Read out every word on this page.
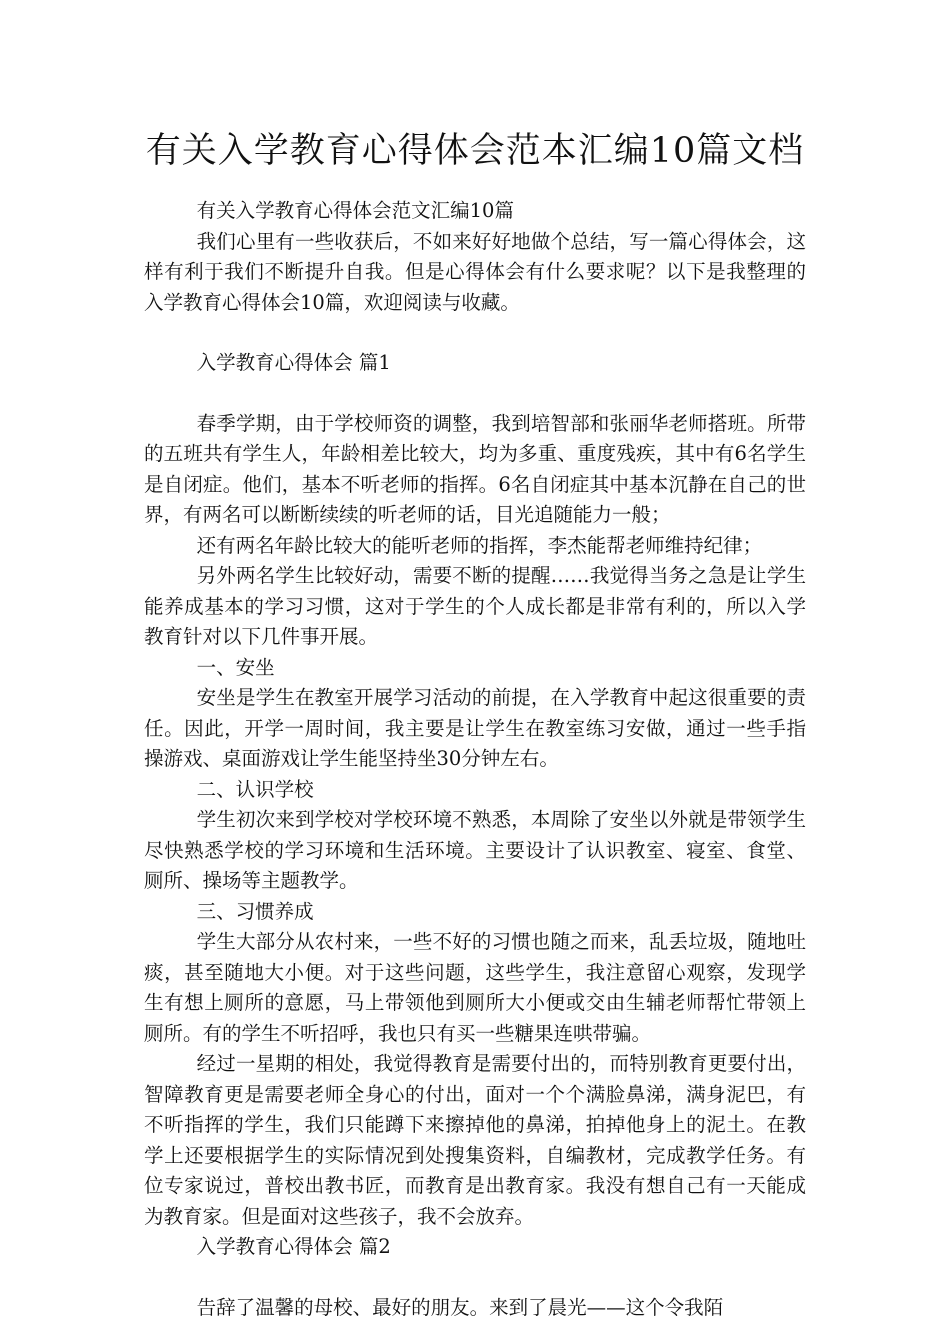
有关入学教育心得体会范本汇编10篇文档

有关入学教育心得体会范文汇编10篇

我们心里有一些收获后，不如来好好地做个总结，写一篇心得体会，这样有利于我们不断提升自我。但是心得体会有什么要求呢？以下是我整理的入学教育心得体会10篇，欢迎阅读与收藏。

入学教育心得体会 篇1

春季学期，由于学校师资的调整，我到培智部和张丽华老师搭班。所带的五班共有学生人，年龄相差比较大，均为多重、重度残疾，其中有6名学生是自闭症。他们，基本不听老师的指挥。6名自闭症其中基本沉静在自己的世界，有两名可以断断续续的听老师的话，目光追随能力一般；

还有两名年龄比较大的能听老师的指挥，李杰能帮老师维持纪律；

另外两名学生比较好动，需要不断的提醒……我觉得当务之急是让学生能养成基本的学习习惯，这对于学生的个人成长都是非常有利的，所以入学教育针对以下几件事开展。

一、安坐

安坐是学生在教室开展学习活动的前提，在入学教育中起这很重要的责任。因此，开学一周时间，我主要是让学生在教室练习安做，通过一些手指操游戏、桌面游戏让学生能坚持坐30分钟左右。

二、认识学校

学生初次来到学校对学校环境不熟悉，本周除了安坐以外就是带领学生尽快熟悉学校的学习环境和生活环境。主要设计了认识教室、寝室、食堂、厕所、操场等主题教学。

三、习惯养成

学生大部分从农村来，一些不好的习惯也随之而来，乱丢垃圾，随地吐痰，甚至随地大小便。对于这些问题，这些学生，我注意留心观察，发现学生有想上厕所的意愿，马上带领他到厕所大小便或交由生辅老师帮忙带领上厕所。有的学生不听招呼，我也只有买一些糖果连哄带骗。

经过一星期的相处，我觉得教育是需要付出的，而特别教育更要付出，智障教育更是需要老师全身心的付出，面对一个个满脸鼻涕，满身泥巴，有不听指挥的学生，我们只能蹲下来擦掉他的鼻涕，拍掉他身上的泥土。在教学上还要根据学生的实际情况到处搜集资料，自编教材，完成教学任务。有位专家说过，普校出教书匠，而教育是出教育家。我没有想自己有一天能成为教育家。但是面对这些孩子，我不会放弃。

入学教育心得体会 篇2

告辞了温馨的母校、最好的朋友。来到了晨光——这个令我陌
